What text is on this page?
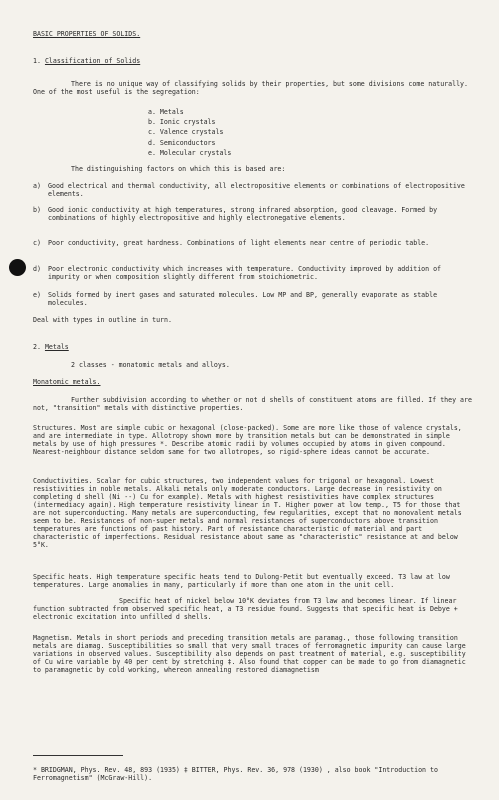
BASIC PROPERTIES OF SOLIDS.
1. Classification of Solids
There is no unique way of classifying solids by their properties, but some divisions come naturally. One of the most useful is the segregation:
a. Metals
b. Ionic crystals
c. Valence crystals
d. Semiconductors
e. Molecular crystals
The distinguishing factors on which this is based are:
a) Good electrical and thermal conductivity, all electropositive elements or combinations of electropositive elements.
b) Good ionic conductivity at high temperatures, strong infrared absorption, good cleavage. Formed by combinations of highly electropositive and highly electronegative elements.
c) Poor conductivity, great hardness. Combinations of light elements near centre of periodic table.
d) Poor electronic conductivity which increases with temperature. Conductivity improved by addition of impurity or when composition slightly different from stoichiometric.
e) Solids formed by inert gases and saturated molecules. Low MP and BP, generally evaporate as stable molecules.
Deal with types in outline in turn.
2. Metals
2 classes - monatomic metals and alloys.
Monatomic metals.
Further subdivision according to whether or not d shells of constituent atoms are filled. If they are not, "transition" metals with distinctive properties.
Structures. Most are simple cubic or hexagonal (close-packed). Some are more like those of valence crystals, and are intermediate in type. Allotropy shown more by transition metals but can be demonstrated in simple metals by use of high pressures *. Describe atomic radii by volumes occupied by atoms in given compound. Nearest-neighbour distance seldom same for two allotropes, so rigid-sphere ideas cannot be accurate.
Conductivities. Scalar for cubic structures, two independent values for trigonal or hexagonal. Lowest resistivities in noble metals. Alkali metals only moderate conductors. Large decrease in resistivity on completing d shell (Ni --) Cu for example). Metals with highest resistivities have complex structures (intermediacy again). High temperature resistivity linear in T. Higher power at low temp., T5 for those that are not superconducting. Many metals are superconducting, few regularities, except that no monovalent metals seem to be. Resistances of non-super metals and normal resistances of superconductors above transition temperatures are functions of past history. Part of resistance characteristic of material and part characteristic of imperfections. Residual resistance about same as "characteristic" resistance at and below 5°K.
Specific heats. High temperature specific heats tend to Dulong-Petit but eventually exceed. T3 law at low temperatures. Large anomalies in many, particularly if more than one atom in the unit cell.
Specific heat of nickel below 10°K deviates from T3 law and becomes linear. If linear function subtracted from observed specific heat, a T3 residue found. Suggests that specific heat is Debye + electronic excitation into unfilled d shells.
Magnetism. Metals in short periods and preceding transition metals are paramag., those following transition metals are diamag. Susceptibilities so small that very small traces of ferromagnetic impurity can cause large variations in observed values. Susceptibility also depends on past treatment of material, e.g. susceptibility of Cu wire variable by 40 per cent by stretching ‡. Also found that copper can be made to go from diamagnetic to paramagnetic by cold working, whereon annealing restored diamagnetism
* BRIDGMAN, Phys. Rev. 48, 893 (1935) ‡ BITTER, Phys. Rev. 36, 978 (1930) , also book "Introduction to Ferromagnetism" (McGraw-Hill).
